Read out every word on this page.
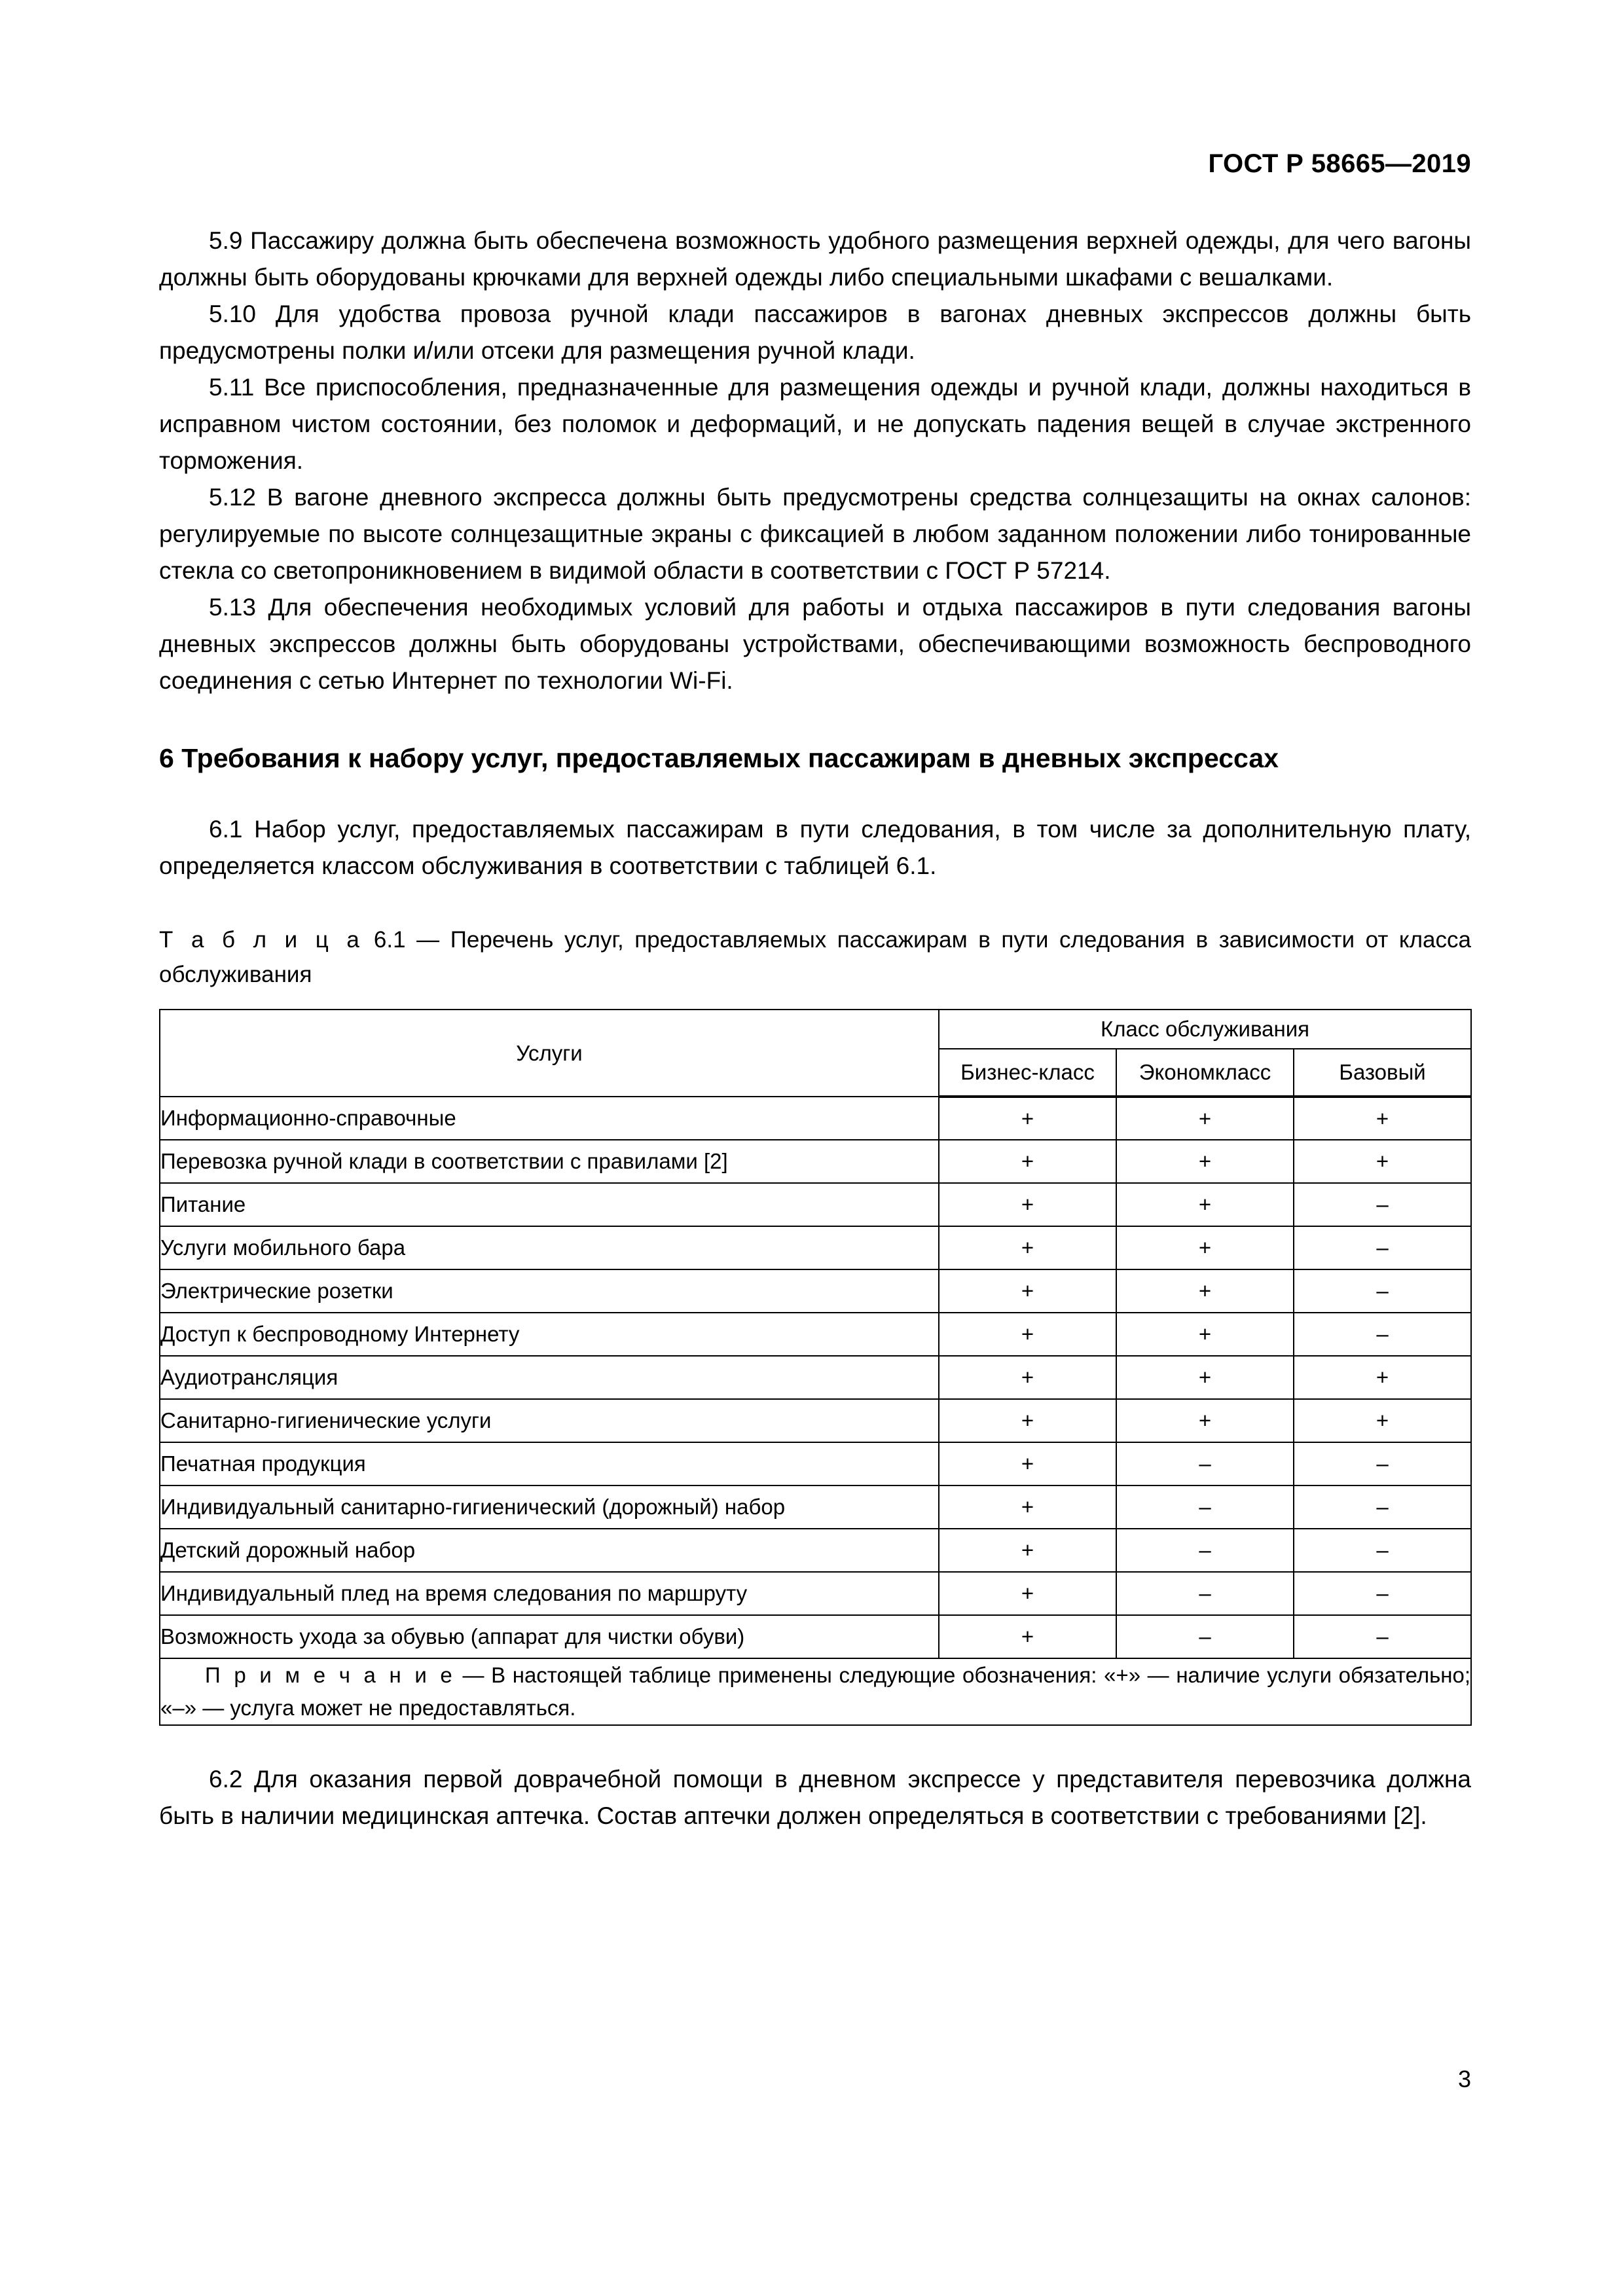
ГОСТ Р 58665—2019

5.9 Пассажиру должна быть обеспечена возможность удобного размещения верхней одежды, для чего вагоны должны быть оборудованы крючками для верхней одежды либо специальными шкафами с вешалками.

5.10 Для удобства провоза ручной клади пассажиров в вагонах дневных экспрессов должны быть предусмотрены полки и/или отсеки для размещения ручной клади.

5.11 Все приспособления, предназначенные для размещения одежды и ручной клади, должны находиться в исправном чистом состоянии, без поломок и деформаций, и не допускать падения вещей в случае экстренного торможения.

5.12 В вагоне дневного экспресса должны быть предусмотрены средства солнцезащиты на окнах салонов: регулируемые по высоте солнцезащитные экраны с фиксацией в любом заданном положении либо тонированные стекла со светопроникновением в видимой области в соответствии с ГОСТ Р 57214.

5.13 Для обеспечения необходимых условий для работы и отдыха пассажиров в пути следования вагоны дневных экспрессов должны быть оборудованы устройствами, обеспечивающими возможность беспроводного соединения с сетью Интернет по технологии Wi-Fi.

6 Требования к набору услуг, предоставляемых пассажирам в дневных экспрессах

6.1 Набор услуг, предоставляемых пассажирам в пути следования, в том числе за дополнительную плату, определяется классом обслуживания в соответствии с таблицей 6.1.

Т а б л и ц а 6.1 — Перечень услуг, предоставляемых пассажирам в пути следования в зависимости от класса обслуживания

Услуги	Класс обслуживания		
	Бизнес-класс	Экономкласс	Базовый
Информационно-справочные	+	+	+
Перевозка ручной клади в соответствии с правилами [2]	+	+	+
Питание	+	+	–
Услуги мобильного бара	+	+	–
Электрические розетки	+	+	–
Доступ к беспроводному Интернету	+	+	–
Аудиотрансляция	+	+	+
Санитарно-гигиенические услуги	+	+	+
Печатная продукция	+	–	–
Индивидуальный санитарно-гигиенический (дорожный) набор	+	–	–
Детский дорожный набор	+	–	–
Индивидуальный плед на время следования по маршруту	+	–	–
Возможность ухода за обувью (аппарат для чистки обуви)	+	–	–
П р и м е ч а н и е — В настоящей таблице применены следующие обозначения: «+» — наличие услуги обязательно; «–» — услуга может не предоставляться.			

6.2 Для оказания первой доврачебной помощи в дневном экспрессе у представителя перевозчика должна быть в наличии медицинская аптечка. Состав аптечки должен определяться в соответствии с требованиями [2].

3
